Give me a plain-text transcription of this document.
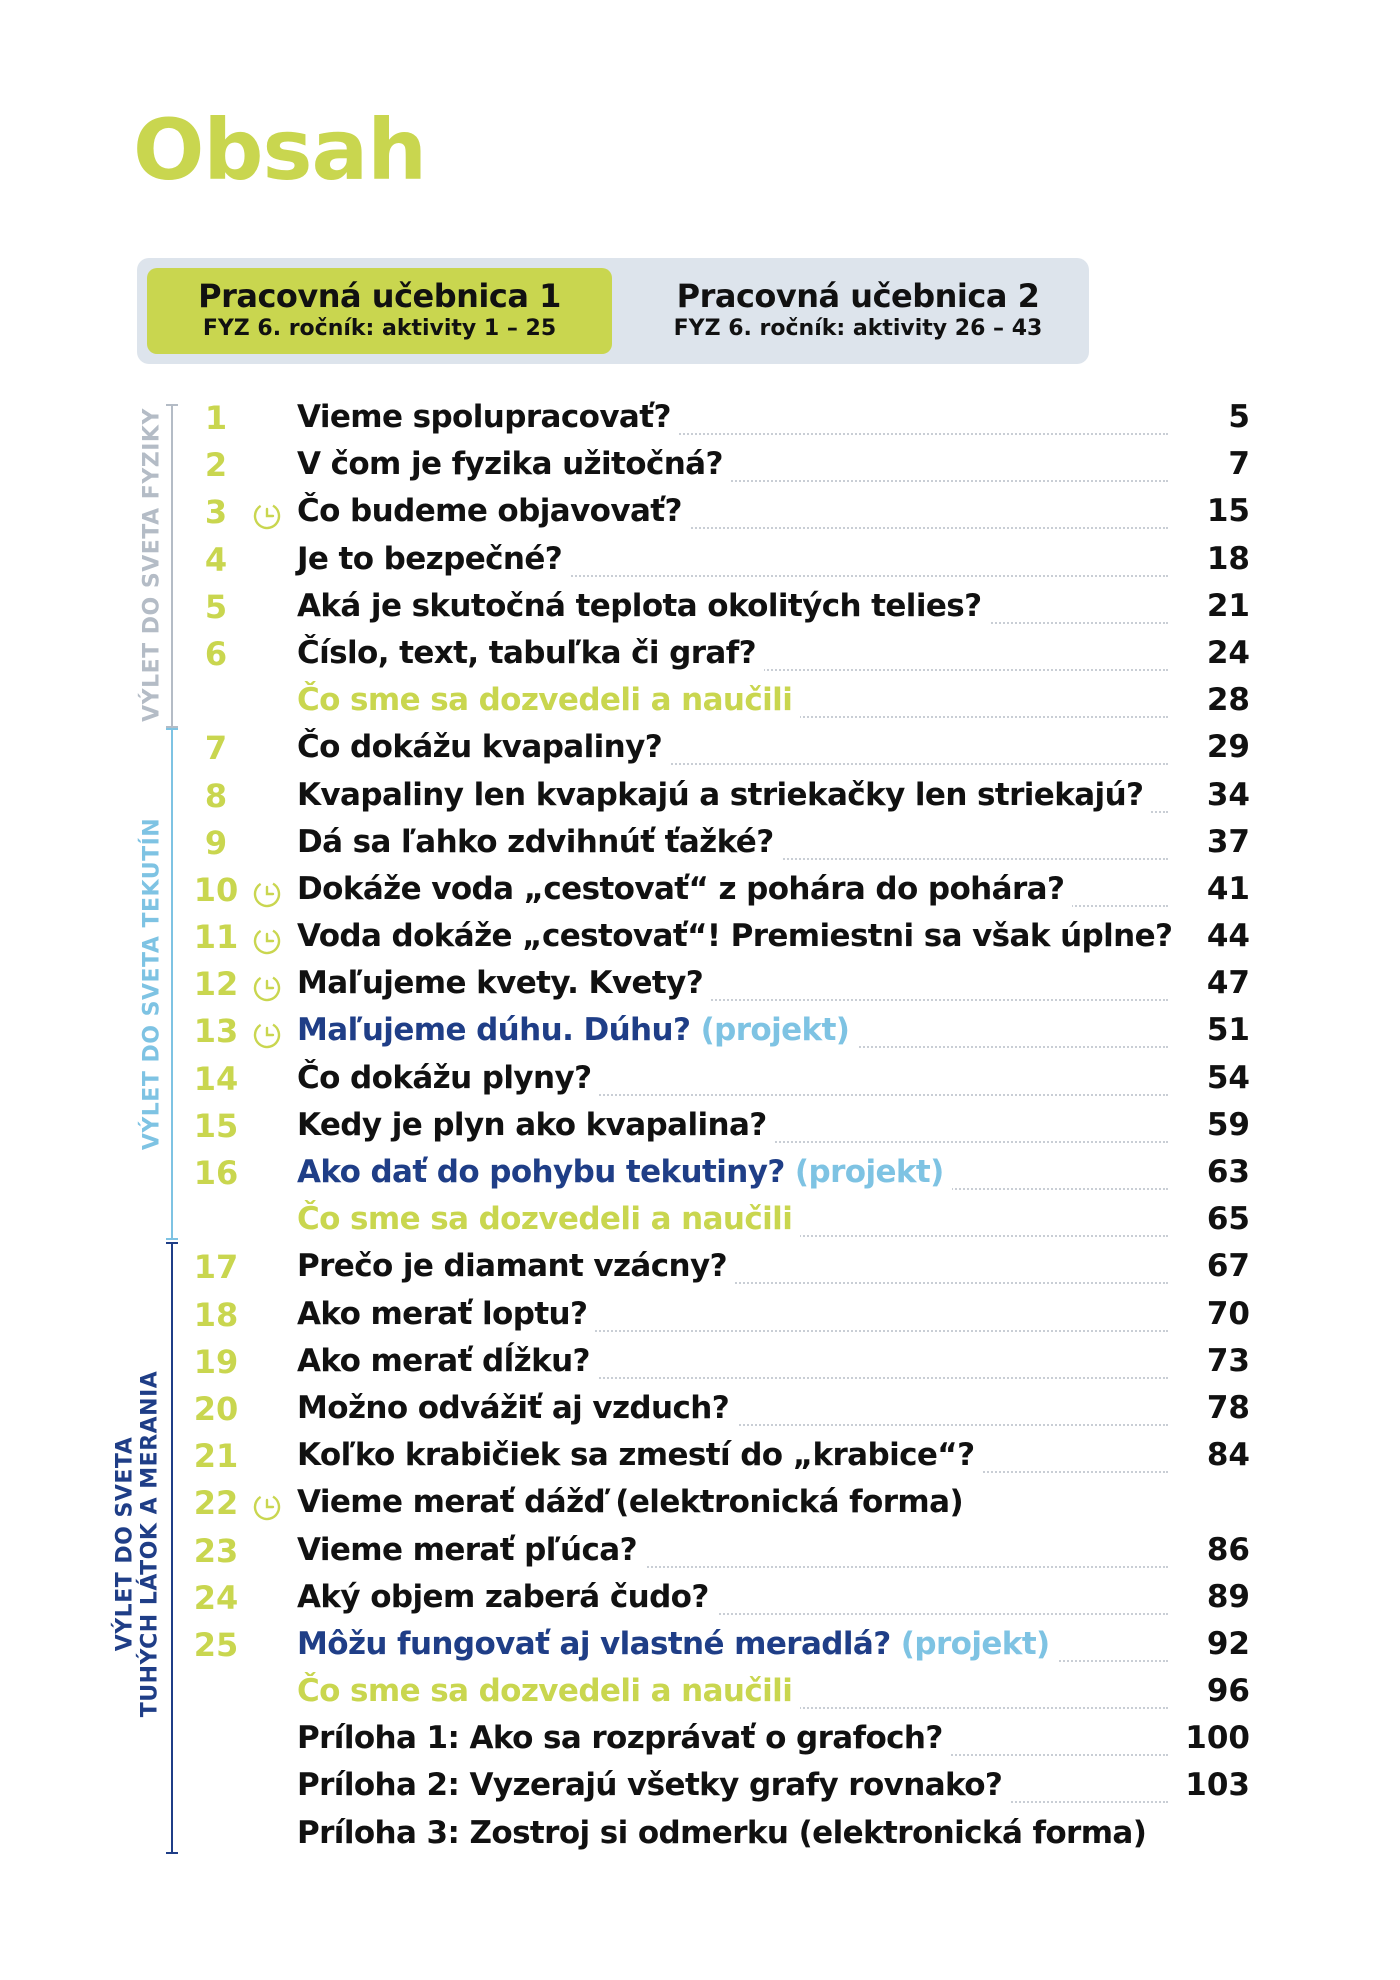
Obsah
Pracovná učebnica 1
FYZ 6. ročník: aktivity 1 – 25
Pracovná učebnica 2
FYZ 6. ročník: aktivity 26 – 43
VÝLET DO SVETA FYZIKY
VÝLET DO SVETA TEKUTÍN
VÝLET DO SVETA TUHÝCH LÁTOK A MERANIA
1	Vieme spolupracovať?	5
2	V čom je fyzika užitočná?	7
3	Čo budeme objavovať?	15
4	Je to bezpečné?	18
5	Aká je skutočná teplota okolitých telies?	21
6	Číslo, text, tabuľka či graf?	24
Čo sme sa dozvedeli a naučili	28
7	Čo dokážu kvapaliny?	29
8	Kvapaliny len kvapkajú a striekačky len striekajú? 34
9	Dá sa ľahko zdvihnúť ťažké?	37
10 Dokáže voda „cestovať“ z pohára do pohára?	41
11 Voda dokáže „cestovať“! Premiestni sa však úplne? 44
12 Maľujeme kvety. Kvety?	47
13 Maľujeme dúhu. Dúhu? (projekt)	51
14 Čo dokážu plyny?	54
15 Kedy je plyn ako kvapalina?	59
16 Ako dať do pohybu tekutiny? (projekt)	63
Čo sme sa dozvedeli a naučili	65
17 Prečo je diamant vzácny?	67
18 Ako merať loptu?	70
19 Ako merať dĺžku?	73
20 Možno odvážiť aj vzduch?	78
21 Koľko krabičiek sa zmestí do „krabice“?	84
22 Vieme merať dážď (elektronická forma)
23 Vieme merať pľúca?	86
24 Aký objem zaberá čudo?	89
25 Môžu fungovať aj vlastné meradlá? (projekt)	92
Čo sme sa dozvedeli a naučili	96
Príloha 1: Ako sa rozprávať o grafoch?	100
Príloha 2: Vyzerajú všetky grafy rovnako?	103
Príloha 3: Zostroj si odmerku (elektronická forma)
